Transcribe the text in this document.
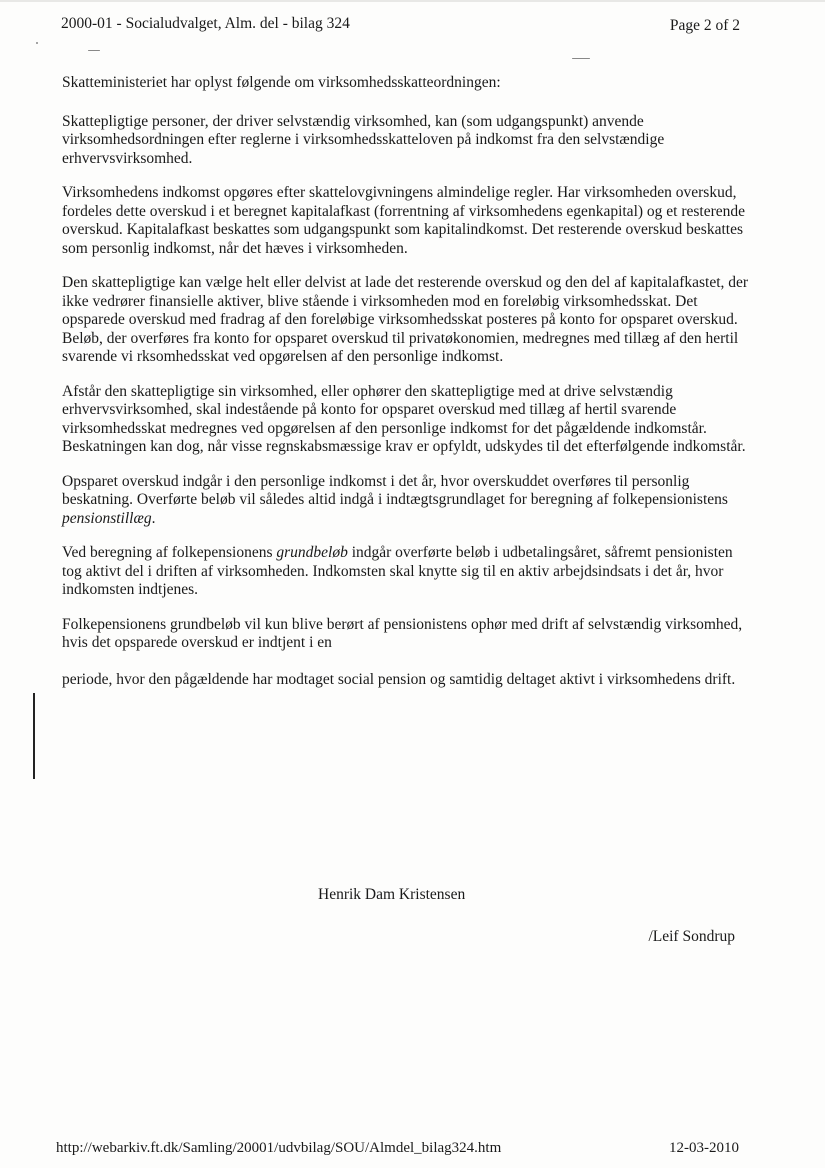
2000-01 - Socialudvalget, Alm. del - bilag 324	Page 2 of 2

Skatteministeriet har oplyst følgende om virksomhedsskatteordningen:

Skattepligtige personer, der driver selvstændig virksomhed, kan (som udgangspunkt) anvende virksomhedsordningen efter reglerne i virksomhedsskatteloven på indkomst fra den selvstændige erhvervsvirksomhed.

Virksomhedens indkomst opgøres efter skattelovgivningens almindelige regler. Har virksomheden overskud, fordeles dette overskud i et beregnet kapitalafkast (forrentning af virksomhedens egenkapital) og et resterende overskud. Kapitalafkast beskattes som udgangspunkt som kapitalindkomst. Det resterende overskud beskattes som personlig indkomst, når det hæves i virksomheden.

Den skattepligtige kan vælge helt eller delvist at lade det resterende overskud og den del af kapitalafkastet, der ikke vedrører finansielle aktiver, blive stående i virksomheden mod en foreløbig virksomhedsskat. Det opsparede overskud med fradrag af den foreløbige virksomhedsskat posteres på konto for opsparet overskud. Beløb, der overføres fra konto for opsparet overskud til privatøkonomien, medregnes med tillæg af den hertil svarende vi rksomhedsskat ved opgørelsen af den personlige indkomst.

Afstår den skattepligtige sin virksomhed, eller ophører den skattepligtige med at drive selvstændig erhvervsvirksomhed, skal indestående på konto for opsparet overskud med tillæg af hertil svarende virksomhedsskat medregnes ved opgørelsen af den personlige indkomst for det pågældende indkomstår. Beskatningen kan dog, når visse regnskabsmæssige krav er opfyldt, udskydes til det efterfølgende indkomstår.

Opsparet overskud indgår i den personlige indkomst i det år, hvor overskuddet overføres til personlig beskatning. Overførte beløb vil således altid indgå i indtægtsgrundlaget for beregning af folkepensionistens pensionstillæg.

Ved beregning af folkepensionens grundbeløb indgår overførte beløb i udbetalingsåret, såfremt pensionisten tog aktivt del i driften af virksomheden. Indkomsten skal knytte sig til en aktiv arbejdsindsats i det år, hvor indkomsten indtjenes.

Folkepensionens grundbeløb vil kun blive berørt af pensionistens ophør med drift af selvstændig virksomhed, hvis det opsparede overskud er indtjent i en

periode, hvor den pågældende har modtaget social pension og samtidig deltaget aktivt i virksomhedens drift.

Henrik Dam Kristensen
/Leif Sondrup
http://webarkiv.ft.dk/Samling/20001/udvbilag/SOU/Almdel_bilag324.htm	12-03-2010
